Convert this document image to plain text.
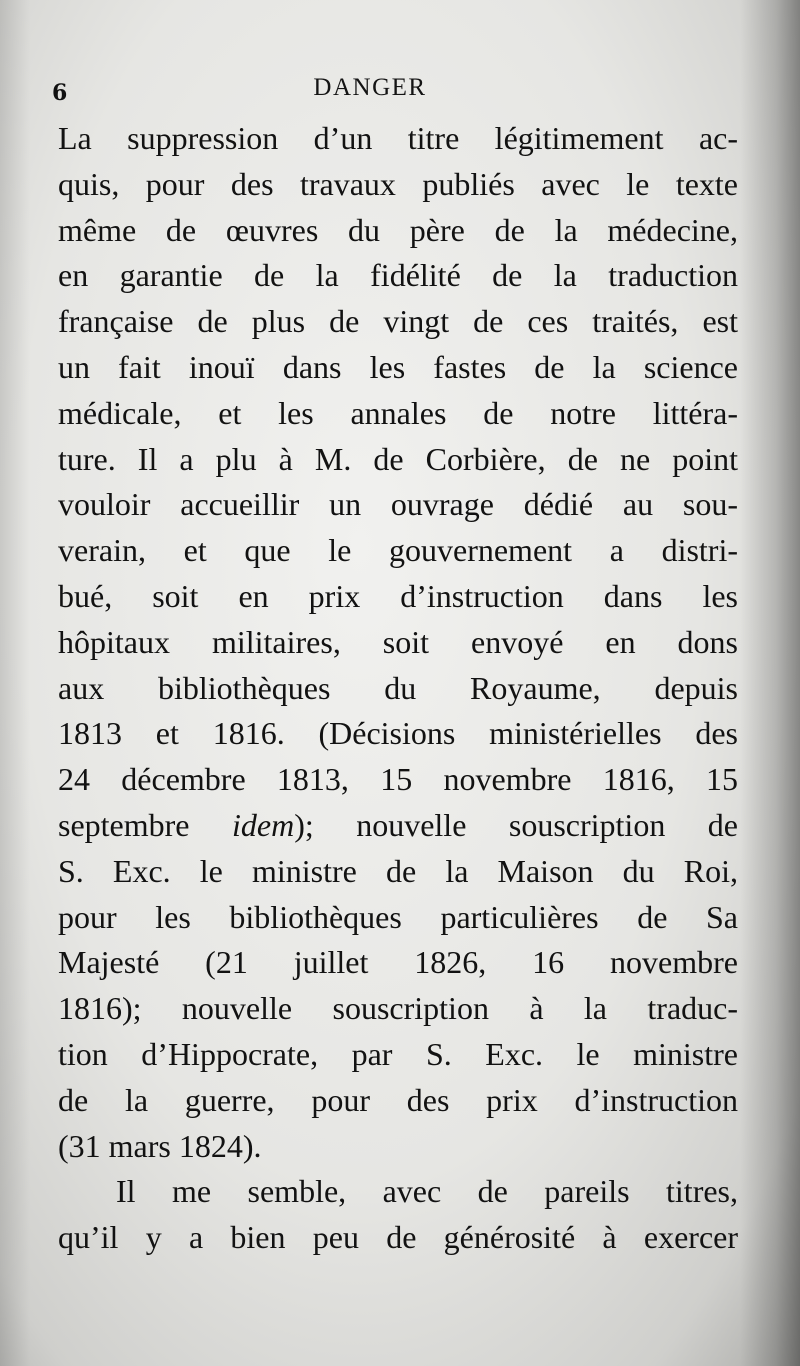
6	DANGER
La suppression d’un titre légitimement ac-
quis, pour des travaux publiés avec le texte
même de œuvres du père de la médecine,
en garantie de la fidélité de la traduction
française de plus de vingt de ces traités, est
un fait inouï dans les fastes de la science
médicale, et les annales de notre littéra-
ture. Il a plu à M. de Corbière, de ne point
vouloir accueillir un ouvrage dédié au sou-
verain, et que le gouvernement a distri-
bué, soit en prix d’instruction dans les
hôpitaux militaires, soit envoyé en dons
aux bibliothèques du Royaume, depuis
1813 et 1816. (Décisions ministérielles des
24 décembre 1813, 15 novembre 1816, 15
septembre idem); nouvelle souscription de
S. Exc. le ministre de la Maison du Roi,
pour les bibliothèques particulières de Sa
Majesté (21 juillet 1826, 16 novembre
1816); nouvelle souscription à la traduc-
tion d’Hippocrate, par S. Exc. le ministre
de la guerre, pour des prix d’instruction
(31 mars 1824).
Il me semble, avec de pareils titres,
qu’il y a bien peu de générosité à exercer
